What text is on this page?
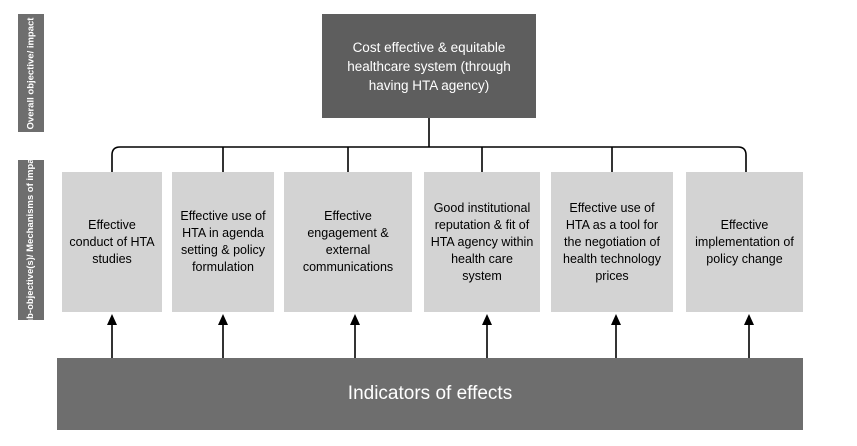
Overall objective/ impact
Sub-objective(s)/ Mechanisms of impact
Cost effective & equitable healthcare system (through having HTA agency)
Effective conduct of HTA studies
Effective use of HTA in agenda setting & policy formulation
Effective engagement & external communications
Good institutional reputation & fit of HTA agency within health care system
Effective use of HTA as a tool for the negotiation of health technology prices
Effective implementation of policy change
Indicators of effects
